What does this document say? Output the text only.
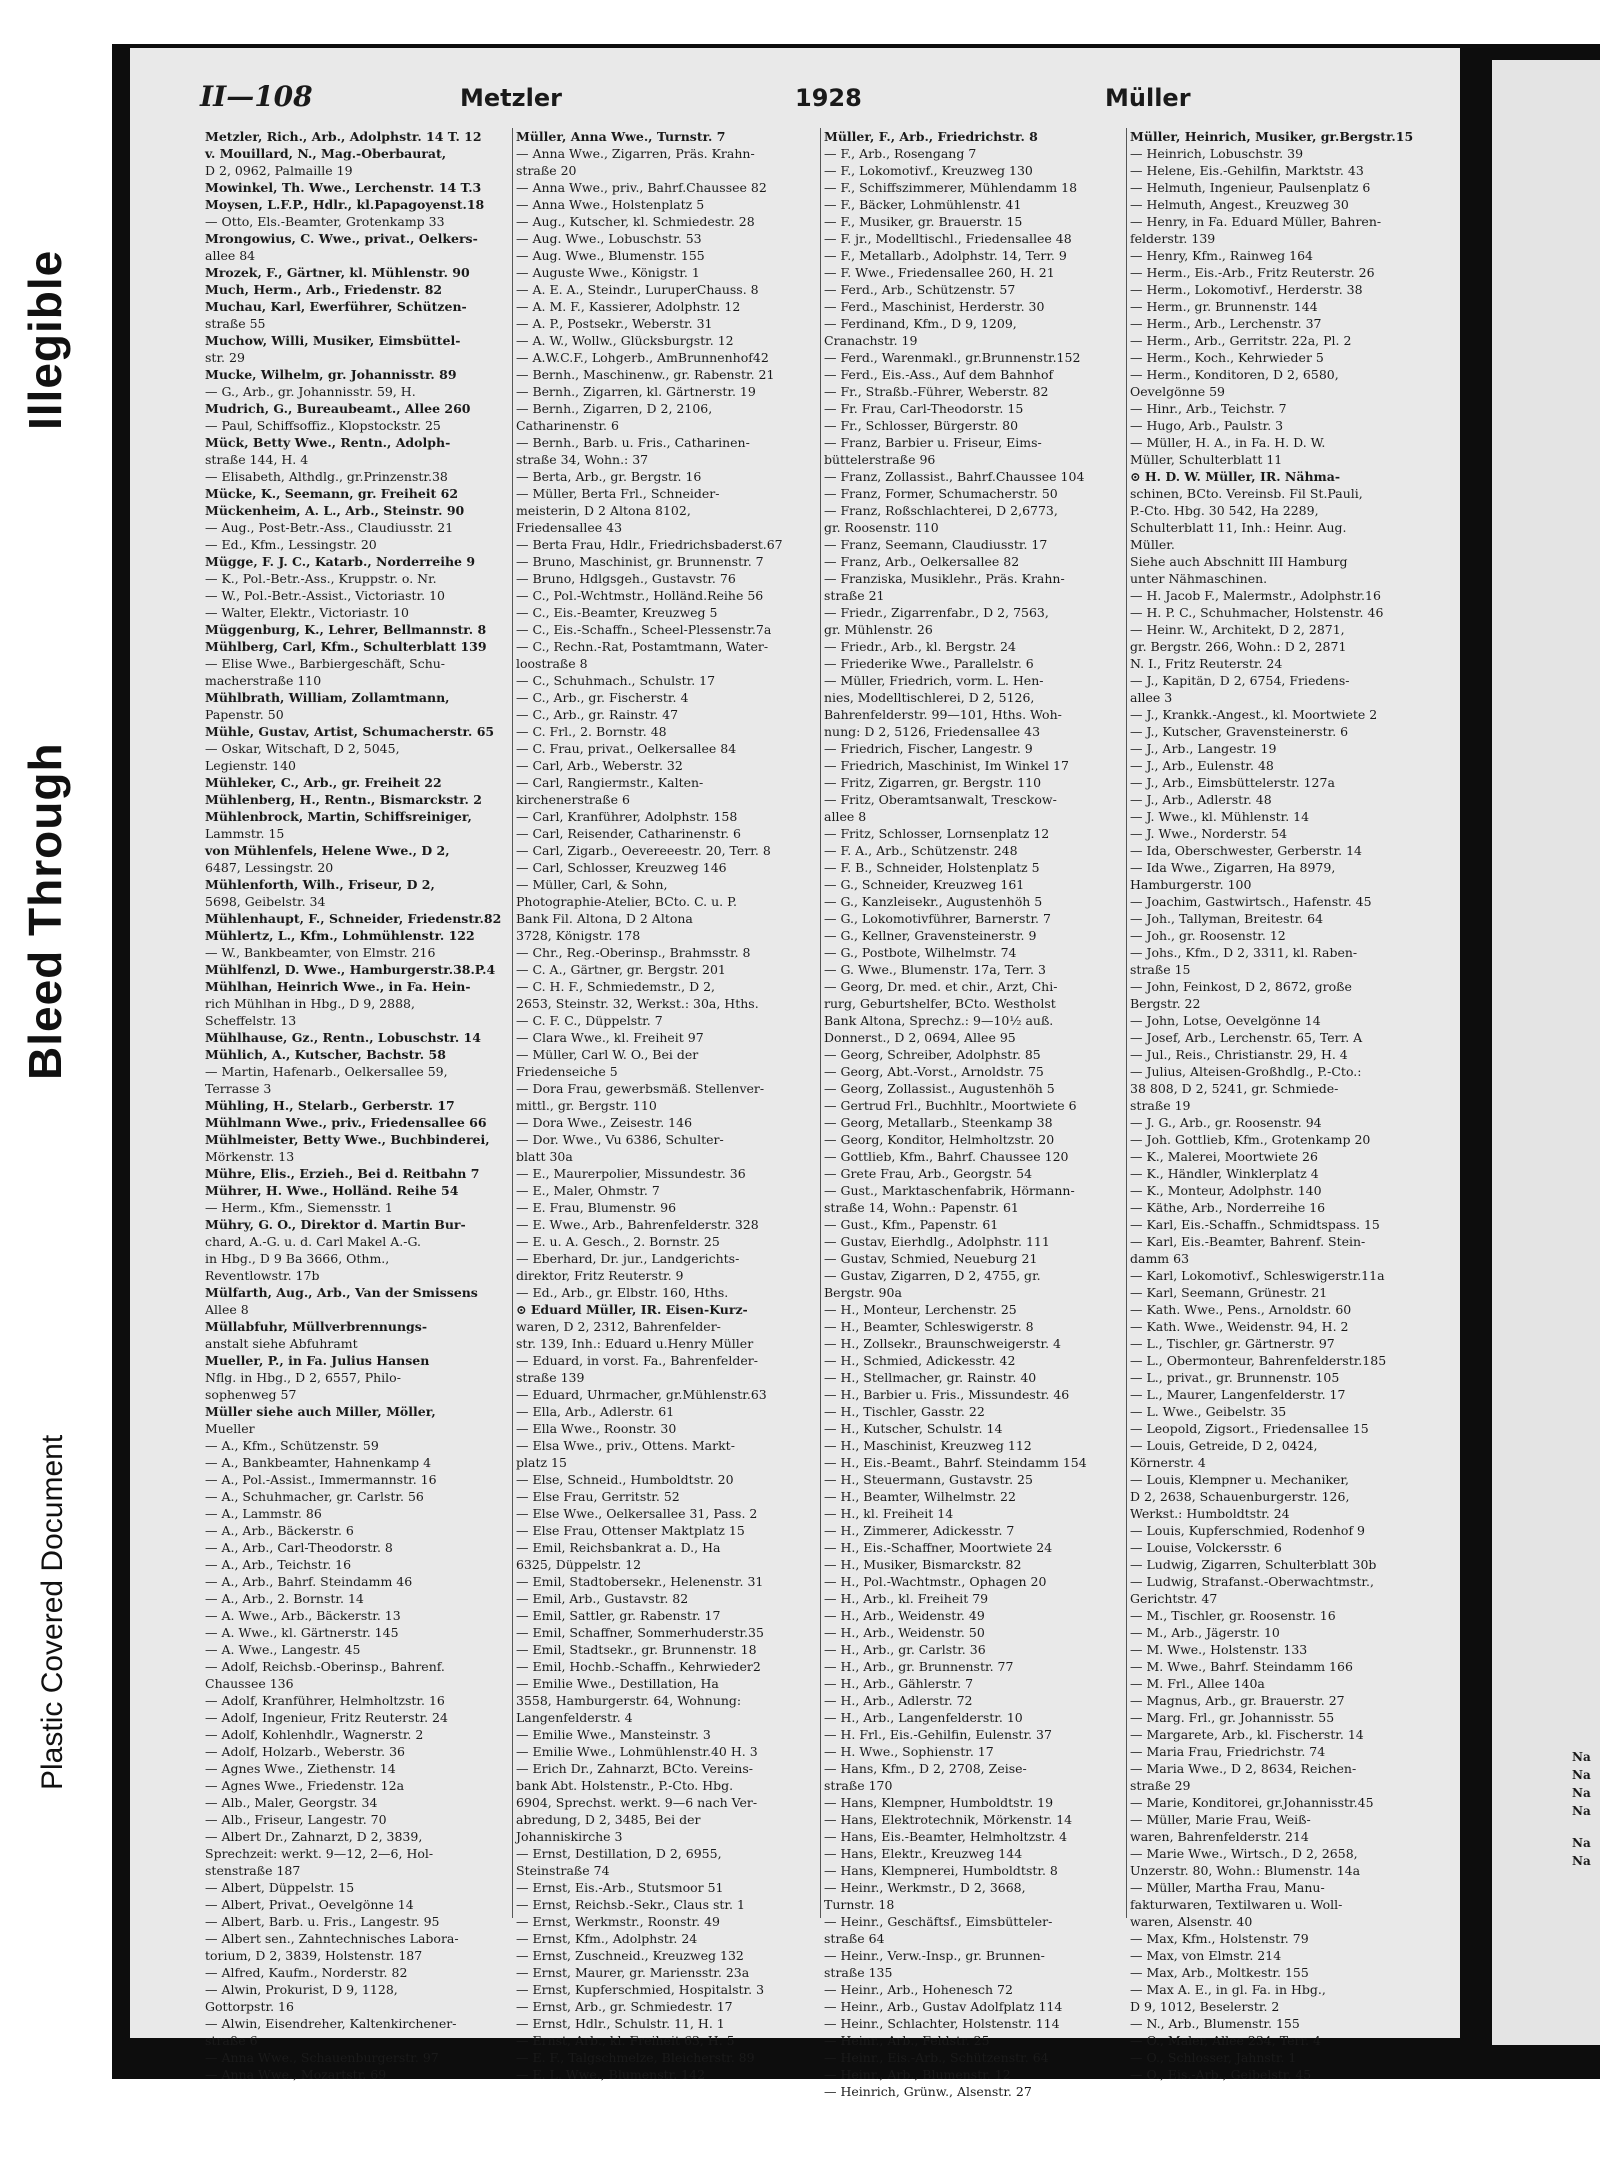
Bleed Through
Illegible
Plastic Covered Document	Na
Na
Na
Na
Na
Na
II—108	Metzler	1928	Müller

Metzler, Rich., Arb., Adolphstr. 14 T. 12

v. Mouillard, N., Mag.-Oberbaurat,

D 2, 0962, Palmaille 19

Mowinkel, Th. Wwe., Lerchenstr. 14 T.3

Moysen, L.F.P., Hdlr., kl.Papagoyenst.18

— Otto, Els.-Beamter, Grotenkamp 33

Mrongowius, C. Wwe., privat., Oelkers-

allee 84

Mrozek, F., Gärtner, kl. Mühlenstr. 90

Much, Herm., Arb., Friedenstr. 82

Muchau, Karl, Ewerführer, Schützen-

straße 55

Muchow, Willi, Musiker, Eimsbüttel-

str. 29

Mucke, Wilhelm, gr. Johannisstr. 89

— G., Arb., gr. Johannisstr. 59, H.

Mudrich, G., Bureaubeamt., Allee 260

— Paul, Schiffsoffiz., Klopstockstr. 25

Mück, Betty Wwe., Rentn., Adolph-

straße 144, H. 4

— Elisabeth, Althdlg., gr.Prinzenstr.38

Mücke, K., Seemann, gr. Freiheit 62

Mückenheim, A. L., Arb., Steinstr. 90

— Aug., Post-Betr.-Ass., Claudiusstr. 21

— Ed., Kfm., Lessingstr. 20

Mügge, F. J. C., Katarb., Norderreihe 9

— K., Pol.-Betr.-Ass., Kruppstr. o. Nr.

— W., Pol.-Betr.-Assist., Victoriastr. 10

— Walter, Elektr., Victoriastr. 10

Müggenburg, K., Lehrer, Bellmannstr. 8

Mühlberg, Carl, Kfm., Schulterblatt 139

— Elise Wwe., Barbiergeschäft, Schu-

macherstraße 110

Mühlbrath, William, Zollamtmann,

Papenstr. 50

Mühle, Gustav, Artist, Schumacherstr. 65

— Oskar, Witschaft, D 2, 5045,

Legienstr. 140

Mühleker, C., Arb., gr. Freiheit 22

Mühlenberg, H., Rentn., Bismarckstr. 2

Mühlenbrock, Martin, Schiffsreiniger,

Lammstr. 15

von Mühlenfels, Helene Wwe., D 2,

6487, Lessingstr. 20

Mühlenforth, Wilh., Friseur, D 2,

5698, Geibelstr. 34

Mühlenhaupt, F., Schneider, Friedenstr.82

Mühlertz, L., Kfm., Lohmühlenstr. 122

— W., Bankbeamter, von Elmstr. 216

Mühlfenzl, D. Wwe., Hamburgerstr.38.P.4

Mühlhan, Heinrich Wwe., in Fa. Hein-

rich Mühlhan in Hbg., D 9, 2888,

Scheffelstr. 13

Mühlhause, Gz., Rentn., Lobuschstr. 14

Mühlich, A., Kutscher, Bachstr. 58

— Martin, Hafenarb., Oelkersallee 59,

Terrasse 3

Mühling, H., Stelarb., Gerberstr. 17

Mühlmann Wwe., priv., Friedensallee 66

Mühlmeister, Betty Wwe., Buchbinderei,

Mörkenstr. 13

Mühre, Elis., Erzieh., Bei d. Reitbahn 7

Mührer, H. Wwe., Holländ. Reihe 54

— Herm., Kfm., Siemensstr. 1

Mühry, G. O., Direktor d. Martin Bur-

chard, A.-G. u. d. Carl Makel A.-G.

in Hbg., D 9 Ba 3666, Othm.,

Reventlowstr. 17b

Mülfarth, Aug., Arb., Van der Smissens

Allee 8

Müllabfuhr, Müllverbrennungs-

anstalt siehe Abfuhramt

Mueller, P., in Fa. Julius Hansen

Nflg. in Hbg., D 2, 6557, Philo-

sophenweg 57

Müller siehe auch Miller, Möller,

Mueller

— A., Kfm., Schützenstr. 59

— A., Bankbeamter, Hahnenkamp 4

— A., Pol.-Assist., Immermannstr. 16

— A., Schuhmacher, gr. Carlstr. 56

— A., Lammstr. 86

— A., Arb., Bäckerstr. 6

— A., Arb., Carl-Theodorstr. 8

— A., Arb., Teichstr. 16

— A., Arb., Bahrf. Steindamm 46

— A., Arb., 2. Bornstr. 14

— A. Wwe., Arb., Bäckerstr. 13

— A. Wwe., kl. Gärtnerstr. 145

— A. Wwe., Langestr. 45

— Adolf, Reichsb.-Oberinsp., Bahrenf.

Chaussee 136

— Adolf, Kranführer, Helmholtzstr. 16

— Adolf, Ingenieur, Fritz Reuterstr. 24

— Adolf, Kohlenhdlr., Wagnerstr. 2

— Adolf, Holzarb., Weberstr. 36

— Agnes Wwe., Ziethenstr. 14

— Agnes Wwe., Friedenstr. 12a

— Alb., Maler, Georgstr. 34

— Alb., Friseur, Langestr. 70

— Albert Dr., Zahnarzt, D 2, 3839,

Sprechzeit: werkt. 9—12, 2—6, Hol-

stenstraße 187

— Albert, Düppelstr. 15

— Albert, Privat., Oevelgönne 14

— Albert, Barb. u. Fris., Langestr. 95

— Albert sen., Zahntechnisches Labora-

torium, D 2, 3839, Holstenstr. 187

— Alfred, Kaufm., Norderstr. 82

— Alwin, Prokurist, D 9, 1128,

Gottorpstr. 16

— Alwin, Eisendreher, Kaltenkirchener-

straße 6

— Anna Wwe., Schauenburgerstr. 97

— Anna Wwe., Mozartstr. 69

Müller, Anna Wwe., Turnstr. 7

— Anna Wwe., Zigarren, Präs. Krahn-

straße 20

— Anna Wwe., priv., Bahrf.Chaussee 82

— Anna Wwe., Holstenplatz 5

— Aug., Kutscher, kl. Schmiedestr. 28

— Aug. Wwe., Lobuschstr. 53

— Aug. Wwe., Blumenstr. 155

— Auguste Wwe., Königstr. 1

— A. E. A., Steindr., LuruperChauss. 8

— A. M. F., Kassierer, Adolphstr. 12

— A. P., Postsekr., Weberstr. 31

— A. W., Wollw., Glücksburgstr. 12

— A.W.C.F., Lohgerb., AmBrunnenhof42

— Bernh., Maschinenw., gr. Rabenstr. 21

— Bernh., Zigarren, kl. Gärtnerstr. 19

— Bernh., Zigarren, D 2, 2106,

Catharinenstr. 6

— Bernh., Barb. u. Fris., Catharinen-

straße 34, Wohn.: 37

— Berta, Arb., gr. Bergstr. 16

— Müller, Berta Frl., Schneider-

meisterin, D 2 Altona 8102,

Friedensallee 43

— Berta Frau, Hdlr., Friedrichsbaderst.67

— Bruno, Maschinist, gr. Brunnenstr. 7

— Bruno, Hdlgsgeh., Gustavstr. 76

— C., Pol.-Wchtmstr., Holländ.Reihe 56

— C., Eis.-Beamter, Kreuzweg 5

— C., Eis.-Schaffn., Scheel-Plessenstr.7a

— C., Rechn.-Rat, Postamtmann, Water-

loostraße 8

— C., Schuhmach., Schulstr. 17

— C., Arb., gr. Fischerstr. 4

— C., Arb., gr. Rainstr. 47

— C. Frl., 2. Bornstr. 48

— C. Frau, privat., Oelkersallee 84

— Carl, Arb., Weberstr. 32

— Carl, Rangiermstr., Kalten-

kirchenerstraße 6

— Carl, Kranführer, Adolphstr. 158

— Carl, Reisender, Catharinenstr. 6

— Carl, Zigarb., Oevereeestr. 20, Terr. 8

— Carl, Schlosser, Kreuzweg 146

— Müller, Carl, & Sohn,

Photographie-Atelier, BCto. C. u. P.

Bank Fil. Altona, D 2 Altona

3728, Königstr. 178

— Chr., Reg.-Oberinsp., Brahmsstr. 8

— C. A., Gärtner, gr. Bergstr. 201

— C. H. F., Schmiedemstr., D 2,

2653, Steinstr. 32, Werkst.: 30a, Hths.

— C. F. C., Düppelstr. 7

— Clara Wwe., kl. Freiheit 97

— Müller, Carl W. O., Bei der

Friedenseiche 5

— Dora Frau, gewerbsmäß. Stellenver-

mittl., gr. Bergstr. 110

— Dora Wwe., Zeisestr. 146

— Dor. Wwe., Vu 6386, Schulter-

blatt 30a

— E., Maurerpolier, Missundestr. 36

— E., Maler, Ohmstr. 7

— E. Frau, Blumenstr. 96

— E. Wwe., Arb., Bahrenfelderstr. 328

— E. u. A. Gesch., 2. Bornstr. 25

— Eberhard, Dr. jur., Landgerichts-

direktor, Fritz Reuterstr. 9

— Ed., Arb., gr. Elbstr. 160, Hths.

⊙ Eduard Müller, IR. Eisen-Kurz-

waren, D 2, 2312, Bahrenfelder-

str. 139, Inh.: Eduard u.Henry Müller

— Eduard, in vorst. Fa., Bahrenfelder-

straße 139

— Eduard, Uhrmacher, gr.Mühlenstr.63

— Ella, Arb., Adlerstr. 61

— Ella Wwe., Roonstr. 30

— Elsa Wwe., priv., Ottens. Markt-

platz 15

— Else, Schneid., Humboldtstr. 20

— Else Frau, Gerritstr. 52

— Else Wwe., Oelkersallee 31, Pass. 2

— Else Frau, Ottenser Maktplatz 15

— Emil, Reichsbankrat a. D., Ha

6325, Düppelstr. 12

— Emil, Stadtobersekr., Helenenstr. 31

— Emil, Arb., Gustavstr. 82

— Emil, Sattler, gr. Rabenstr. 17

— Emil, Schaffner, Sommerhuderstr.35

— Emil, Stadtsekr., gr. Brunnenstr. 18

— Emil, Hochb.-Schaffn., Kehrwieder2

— Emilie Wwe., Destillation, Ha

3558, Hamburgerstr. 64, Wohnung:

Langenfelderstr. 4

— Emilie Wwe., Mansteinstr. 3

— Emilie Wwe., Lohmühlenstr.40 H. 3

— Erich Dr., Zahnarzt, BCto. Vereins-

bank Abt. Holstenstr., P.-Cto. Hbg.

6904, Sprechst. werkt. 9—6 nach Ver-

abredung, D 2, 3485, Bei der

Johanniskirche 3

— Ernst, Destillation, D 2, 6955,

Steinstraße 74

— Ernst, Eis.-Arb., Stutsmoor 51

— Ernst, Reichsb.-Sekr., Claus str. 1

— Ernst, Werkmstr., Roonstr. 49

— Ernst, Kfm., Adolphstr. 24

— Ernst, Zuschneid., Kreuzweg 132

— Ernst, Maurer, gr. Mariensstr. 23a

— Ernst, Kupferschmied, Hospitalstr. 3

— Ernst, Arb., gr. Schmiedestr. 17

— Ernst, Hdlr., Schulstr. 11, H. 1

— Ernst, Arb., kl. Freiheit 63, H. 5

— E. F., Talgschmelze, Bleicherstr. 89

— E. L. Wwe., Blumenstr. 142

Müller, F., Arb., Friedrichstr. 8

— F., Arb., Rosengang 7

— F., Lokomotivf., Kreuzweg 130

— F., Schiffszimmerer, Mühlendamm 18

— F., Bäcker, Lohmühlenstr. 41

— F., Musiker, gr. Brauerstr. 15

— F. jr., Modelltischl., Friedensallee 48

— F., Metallarb., Adolphstr. 14, Terr. 9

— F. Wwe., Friedensallee 260, H. 21

— Ferd., Arb., Schützenstr. 57

— Ferd., Maschinist, Herderstr. 30

— Ferdinand, Kfm., D 9, 1209,

Cranachstr. 19

— Ferd., Warenmakl., gr.Brunnenstr.152

— Ferd., Eis.-Ass., Auf dem Bahnhof

— Fr., Straßb.-Führer, Weberstr. 82

— Fr. Frau, Carl-Theodorstr. 15

— Fr., Schlosser, Bürgerstr. 80

— Franz, Barbier u. Friseur, Eims-

büttelerstraße 96

— Franz, Zollassist., Bahrf.Chaussee 104

— Franz, Former, Schumacherstr. 50

— Franz, Roßschlachterei, D 2,6773,

gr. Roosenstr. 110

— Franz, Seemann, Claudiusstr. 17

— Franz, Arb., Oelkersallee 82

— Franziska, Musiklehr., Präs. Krahn-

straße 21

— Friedr., Zigarrenfabr., D 2, 7563,

gr. Mühlenstr. 26

— Friedr., Arb., kl. Bergstr. 24

— Friederike Wwe., Parallelstr. 6

— Müller, Friedrich, vorm. L. Hen-

nies, Modelltischlerei, D 2, 5126,

Bahrenfelderstr. 99—101, Hths. Woh-

nung: D 2, 5126, Friedensallee 43

— Friedrich, Fischer, Langestr. 9

— Friedrich, Maschinist, Im Winkel 17

— Fritz, Zigarren, gr. Bergstr. 110

— Fritz, Oberamtsanwalt, Tresckow-

allee 8

— Fritz, Schlosser, Lornsenplatz 12

— F. A., Arb., Schützenstr. 248

— F. B., Schneider, Holstenplatz 5

— G., Schneider, Kreuzweg 161

— G., Kanzleisekr., Augustenhöh 5

— G., Lokomotivführer, Barnerstr. 7

— G., Kellner, Gravensteinerstr. 9

— G., Postbote, Wilhelmstr. 74

— G. Wwe., Blumenstr. 17a, Terr. 3

— Georg, Dr. med. et chir., Arzt, Chi-

rurg, Geburtshelfer, BCto. Westholst

Bank Altona, Sprechz.: 9—10½ auß.

Donnerst., D 2, 0694, Allee 95

— Georg, Schreiber, Adolphstr. 85

— Georg, Abt.-Vorst., Arnoldstr. 75

— Georg, Zollassist., Augustenhöh 5

— Gertrud Frl., Buchhltr., Moortwiete 6

— Georg, Metallarb., Steenkamp 38

— Georg, Konditor, Helmholtzstr. 20

— Gottlieb, Kfm., Bahrf. Chaussee 120

— Grete Frau, Arb., Georgstr. 54

— Gust., Marktaschenfabrik, Hörmann-

straße 14, Wohn.: Papenstr. 61

— Gust., Kfm., Papenstr. 61

— Gustav, Eierhdlg., Adolphstr. 111

— Gustav, Schmied, Neueburg 21

— Gustav, Zigarren, D 2, 4755, gr.

Bergstr. 90a

— H., Monteur, Lerchenstr. 25

— H., Beamter, Schleswigerstr. 8

— H., Zollsekr., Braunschweigerstr. 4

— H., Schmied, Adickesstr. 42

— H., Stellmacher, gr. Rainstr. 40

— H., Barbier u. Fris., Missundestr. 46

— H., Tischler, Gasstr. 22

— H., Kutscher, Schulstr. 14

— H., Maschinist, Kreuzweg 112

— H., Eis.-Beamt., Bahrf. Steindamm 154

— H., Steuermann, Gustavstr. 25

— H., Beamter, Wilhelmstr. 22

— H., kl. Freiheit 14

— H., Zimmerer, Adickesstr. 7

— H., Eis.-Schaffner, Moortwiete 24

— H., Musiker, Bismarckstr. 82

— H., Pol.-Wachtmstr., Ophagen 20

— H., Arb., kl. Freiheit 79

— H., Arb., Weidenstr. 49

— H., Arb., Weidenstr. 50

— H., Arb., gr. Carlstr. 36

— H., Arb., gr. Brunnenstr. 77

— H., Arb., Gählerstr. 7

— H., Arb., Adlerstr. 72

— H., Arb., Langenfelderstr. 10

— H. Frl., Eis.-Gehilfin, Eulenstr. 37

— H. Wwe., Sophienstr. 17

— Hans, Kfm., D 2, 2708, Zeise-

straße 170

— Hans, Klempner, Humboldtstr. 19

— Hans, Elektrotechnik, Mörkenstr. 14

— Hans, Eis.-Beamter, Helmholtzstr. 4

— Hans, Elektr., Kreuzweg 144

— Hans, Klempnerei, Humboldtstr. 8

— Heinr., Werkmstr., D 2, 3668,

Turnstr. 18

— Heinr., Geschäftsf., Eimsbütteler-

straße 64

— Heinr., Verw.-Insp., gr. Brunnen-

straße 135

— Heinr., Arb., Hohenesch 72

— Heinr., Arb., Gustav Adolfplatz 114

— Heinr., Schlachter, Holstenstr. 114

— Heinr., Arb., Feldstr. 25

— Heinr., Eis.-Arb., Schützenstr. 64

— Heinr., Arb., Blumenstr. 12

— Heinrich, Grünw., Alsenstr. 27

Müller, Heinrich, Musiker, gr.Bergstr.15

— Heinrich, Lobuschstr. 39

— Helene, Eis.-Gehilfin, Marktstr. 43

— Helmuth, Ingenieur, Paulsenplatz 6

— Helmuth, Angest., Kreuzweg 30

— Henry, in Fa. Eduard Müller, Bahren-

felderstr. 139

— Henry, Kfm., Rainweg 164

— Herm., Eis.-Arb., Fritz Reuterstr. 26

— Herm., Lokomotivf., Herderstr. 38

— Herm., gr. Brunnenstr. 144

— Herm., Arb., Lerchenstr. 37

— Herm., Arb., Gerritstr. 22a, Pl. 2

— Herm., Koch., Kehrwieder 5

— Herm., Konditoren, D 2, 6580,

Oevelgönne 59

— Hinr., Arb., Teichstr. 7

— Hugo, Arb., Paulstr. 3

— Müller, H. A., in Fa. H. D. W.

Müller, Schulterblatt 11

⊙ H. D. W. Müller, IR. Nähma-

schinen, BCto. Vereinsb. Fil St.Pauli,

P.-Cto. Hbg. 30 542, Ha 2289,

Schulterblatt 11, Inh.: Heinr. Aug.

Müller.

Siehe auch Abschnitt III Hamburg

unter Nähmaschinen.

— H. Jacob F., Malermstr., Adolphstr.16

— H. P. C., Schuhmacher, Holstenstr. 46

— Heinr. W., Architekt, D 2, 2871,

gr. Bergstr. 266, Wohn.: D 2, 2871

N. I., Fritz Reuterstr. 24

— J., Kapitän, D 2, 6754, Friedens-

allee 3

— J., Krankk.-Angest., kl. Moortwiete 2

— J., Kutscher, Gravensteinerstr. 6

— J., Arb., Langestr. 19

— J., Arb., Eulenstr. 48

— J., Arb., Eimsbüttelerstr. 127a

— J., Arb., Adlerstr. 48

— J. Wwe., kl. Mühlenstr. 14

— J. Wwe., Norderstr. 54

— Ida, Oberschwester, Gerberstr. 14

— Ida Wwe., Zigarren, Ha 8979,

Hamburgerstr. 100

— Joachim, Gastwirtsch., Hafenstr. 45

— Joh., Tallyman, Breitestr. 64

— Joh., gr. Roosenstr. 12

— Johs., Kfm., D 2, 3311, kl. Raben-

straße 15

— John, Feinkost, D 2, 8672, große

Bergstr. 22

— John, Lotse, Oevelgönne 14

— Josef, Arb., Lerchenstr. 65, Terr. A

— Jul., Reis., Christianstr. 29, H. 4

— Julius, Alteisen-Großhdlg., P.-Cto.:

38 808, D 2, 5241, gr. Schmiede-

straße 19

— J. G., Arb., gr. Roosenstr. 94

— Joh. Gottlieb, Kfm., Grotenkamp 20

— K., Malerei, Moortwiete 26

— K., Händler, Winklerplatz 4

— K., Monteur, Adolphstr. 140

— Käthe, Arb., Norderreihe 16

— Karl, Eis.-Schaffn., Schmidtspass. 15

— Karl, Eis.-Beamter, Bahrenf. Stein-

damm 63

— Karl, Lokomotivf., Schleswigerstr.11a

— Karl, Seemann, Grünestr. 21

— Kath. Wwe., Pens., Arnoldstr. 60

— Kath. Wwe., Weidenstr. 94, H. 2

— L., Tischler, gr. Gärtnerstr. 97

— L., Obermonteur, Bahrenfelderstr.185

— L., privat., gr. Brunnenstr. 105

— L., Maurer, Langenfelderstr. 17

— L. Wwe., Geibelstr. 35

— Leopold, Zigsort., Friedensallee 15

— Louis, Getreide, D 2, 0424,

Körnerstr. 4

— Louis, Klempner u. Mechaniker,

D 2, 2638, Schauenburgerstr. 126,

Werkst.: Humboldtstr. 24

— Louis, Kupferschmied, Rodenhof 9

— Louise, Volckersstr. 6

— Ludwig, Zigarren, Schulterblatt 30b

— Ludwig, Strafanst.-Oberwachtmstr.,

Gerichtstr. 47

— M., Tischler, gr. Roosenstr. 16

— M., Arb., Jägerstr. 10

— M. Wwe., Holstenstr. 133

— M. Wwe., Bahrf. Steindamm 166

— M. Frl., Allee 140a

— Magnus, Arb., gr. Brauerstr. 27

— Marg. Frl., gr. Johannisstr. 55

— Margarete, Arb., kl. Fischerstr. 14

— Maria Frau, Friedrichstr. 74

— Maria Wwe., D 2, 8634, Reichen-

straße 29

— Marie, Konditorei, gr.Johannisstr.45

— Müller, Marie Frau, Weiß-

waren, Bahrenfelderstr. 214

— Marie Wwe., Wirtsch., D 2, 2658,

Unzerstr. 80, Wohn.: Blumenstr. 14a

— Müller, Martha Frau, Manu-

fakturwaren, Textilwaren u. Woll-

waren, Alsenstr. 40

— Max, Kfm., Holstenstr. 79

— Max, von Elmstr. 214

— Max, Arb., Moltkestr. 155

— Max A. E., in gl. Fa. in Hbg.,

D 9, 1012, Beselerstr. 2

— N., Arb., Blumenstr. 155

— O., Maler, Allee 234, Terr. 4

— O., Schlosser, Jahnstr. 1

— O., Eis.-Arb., Geibelstr. 45
